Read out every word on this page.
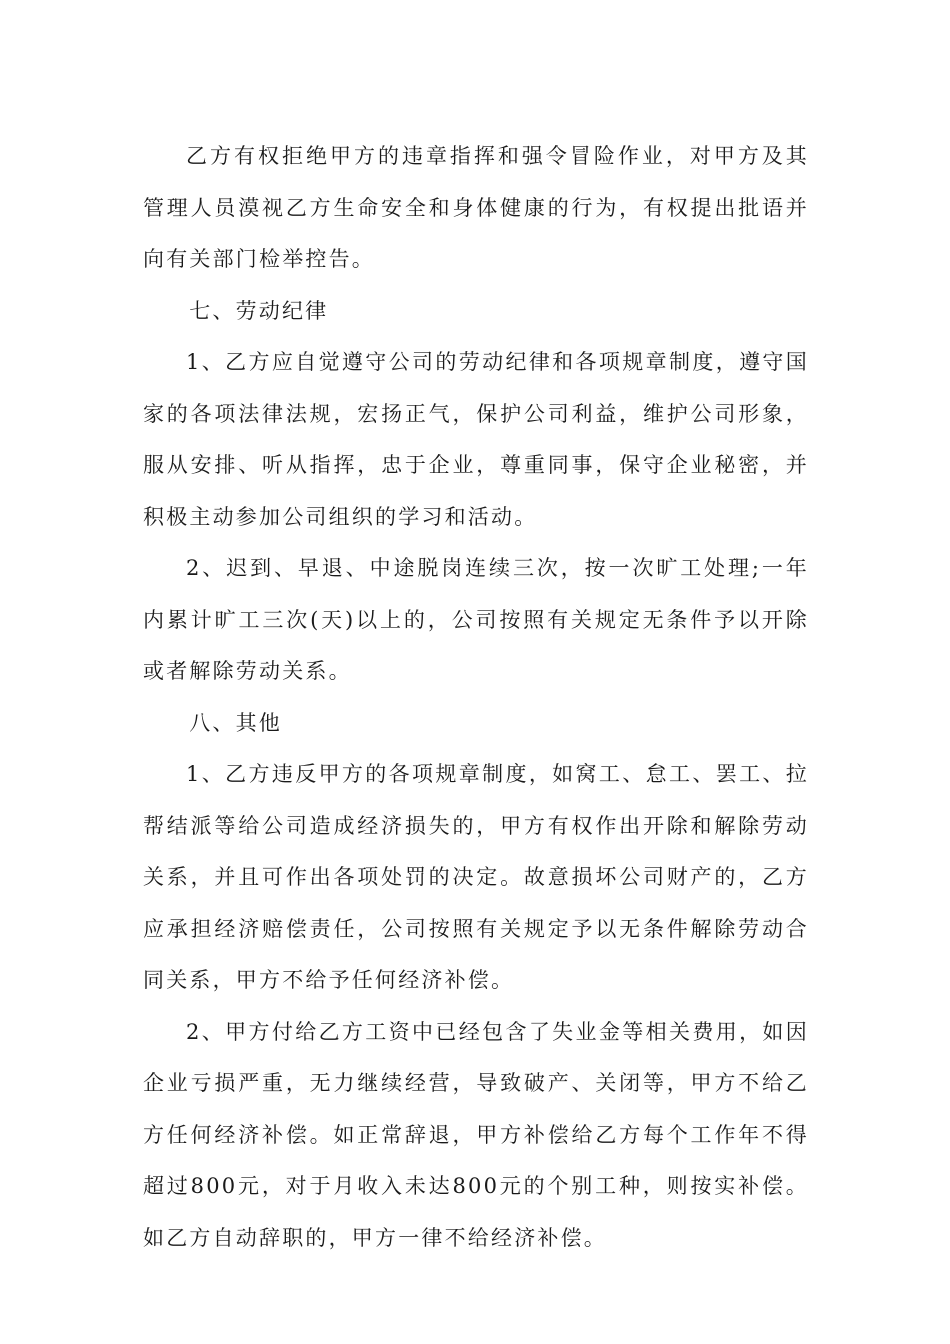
乙方有权拒绝甲方的违章指挥和强令冒险作业，对甲方及其管理人员漠视乙方生命安全和身体健康的行为，有权提出批语并向有关部门检举控告。

七、劳动纪律

1、乙方应自觉遵守公司的劳动纪律和各项规章制度，遵守国家的各项法律法规，宏扬正气，保护公司利益，维护公司形象，服从安排、听从指挥，忠于企业，尊重同事，保守企业秘密，并积极主动参加公司组织的学习和活动。

2、迟到、早退、中途脱岗连续三次，按一次旷工处理;一年内累计旷工三次(天)以上的，公司按照有关规定无条件予以开除或者解除劳动关系。

八、其他

1、乙方违反甲方的各项规章制度，如窝工、怠工、罢工、拉帮结派等给公司造成经济损失的，甲方有权作出开除和解除劳动关系，并且可作出各项处罚的决定。故意损坏公司财产的，乙方应承担经济赔偿责任，公司按照有关规定予以无条件解除劳动合同关系，甲方不给予任何经济补偿。

2、甲方付给乙方工资中已经包含了失业金等相关费用，如因企业亏损严重，无力继续经营，导致破产、关闭等，甲方不给乙方任何经济补偿。如正常辞退，甲方补偿给乙方每个工作年不得超过800元，对于月收入未达800元的个别工种，则按实补偿。如乙方自动辞职的，甲方一律不给经济补偿。
